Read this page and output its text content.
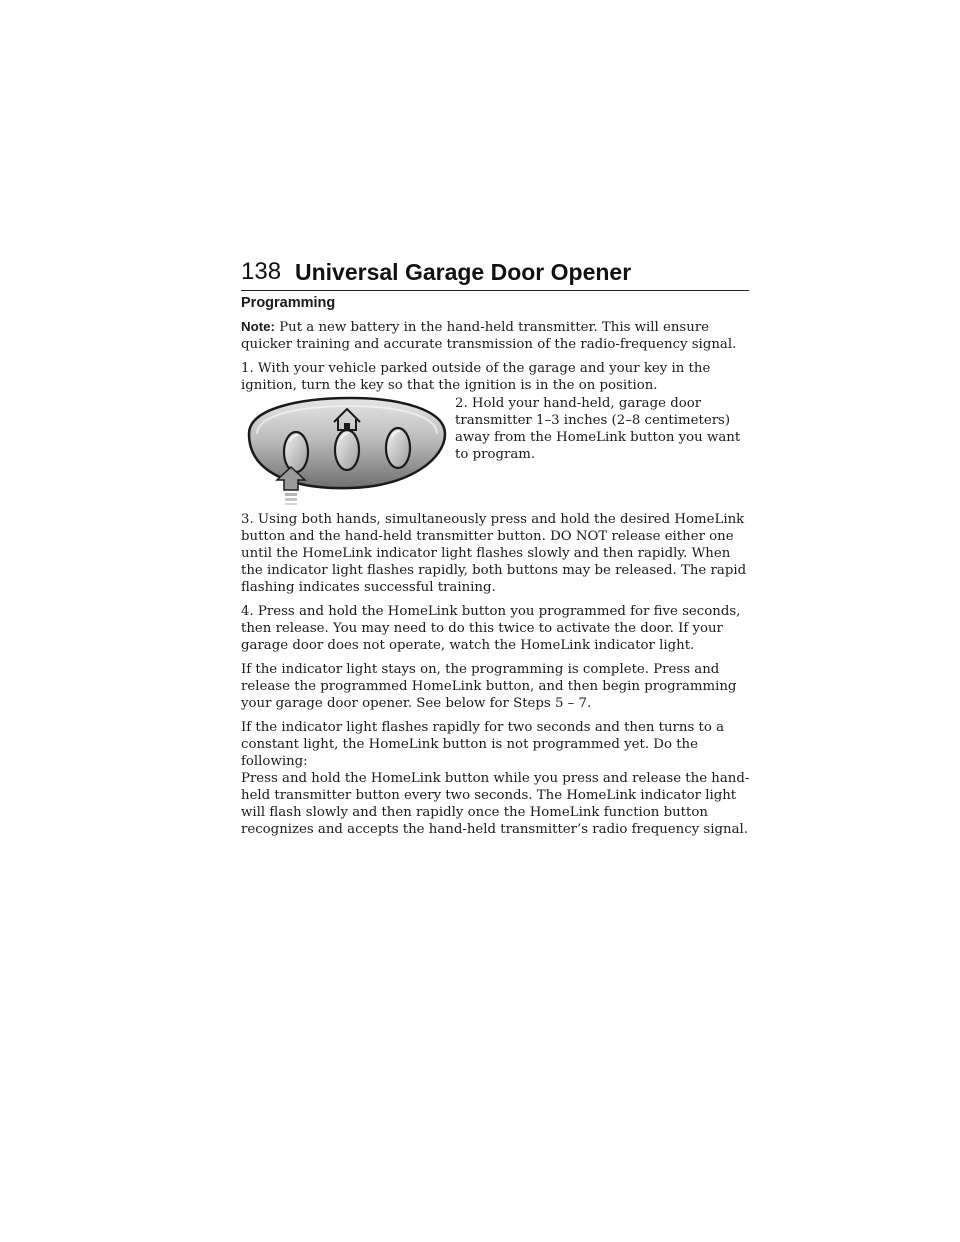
138 Universal Garage Door Opener
Programming

Note: Put a new battery in the hand-held transmitter. This will ensure quicker training and accurate transmission of the radio-frequency signal.

1. With your vehicle parked outside of the garage and your key in the ignition, turn the key so that the ignition is in the on position.

2. Hold your hand-held, garage door transmitter 1–3 inches (2–8 centimeters) away from the HomeLink button you want to program.

3. Using both hands, simultaneously press and hold the desired HomeLink button and the hand-held transmitter button. DO NOT release either one until the HomeLink indicator light flashes slowly and then rapidly. When the indicator light flashes rapidly, both buttons may be released. The rapid flashing indicates successful training.

4. Press and hold the HomeLink button you programmed for five seconds, then release. You may need to do this twice to activate the door. If your garage door does not operate, watch the HomeLink indicator light.

If the indicator light stays on, the programming is complete. Press and release the programmed HomeLink button, and then begin programming your garage door opener. See below for Steps 5 – 7.

If the indicator light flashes rapidly for two seconds and then turns to a constant light, the HomeLink button is not programmed yet. Do the following:

Press and hold the HomeLink button while you press and release the hand-held transmitter button every two seconds. The HomeLink indicator light will flash slowly and then rapidly once the HomeLink function button recognizes and accepts the hand-held transmitter’s radio frequency signal.
